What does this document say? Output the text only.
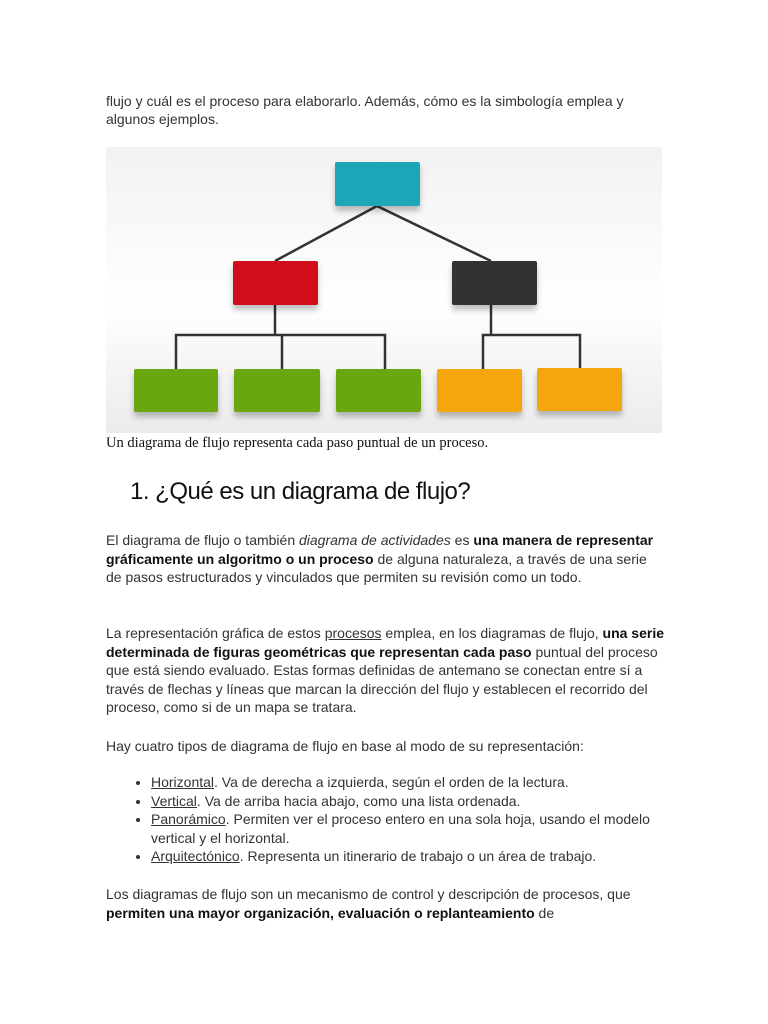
flujo y cuál es el proceso para elaborarlo. Además, cómo es la simbología emplea y
algunos ejemplos.
Un diagrama de flujo representa cada paso puntual de un proceso.
1. ¿Qué es un diagrama de flujo?

El diagrama de flujo o también diagrama de actividades es una manera de representar gráficamente un algoritmo o un proceso de alguna naturaleza, a través de una serie de pasos estructurados y vinculados que permiten su revisión como un todo.

La representación gráfica de estos procesos emplea, en los diagramas de flujo, una serie determinada de figuras geométricas que representan cada paso puntual del proceso que está siendo evaluado. Estas formas definidas de antemano se conectan entre sí a través de flechas y líneas que marcan la dirección del flujo y establecen el recorrido del proceso, como si de un mapa se tratara.

Hay cuatro tipos de diagrama de flujo en base al modo de su representación:

• Horizontal. Va de derecha a izquierda, según el orden de la lectura.
• Vertical. Va de arriba hacia abajo, como una lista ordenada.
• Panorámico. Permiten ver el proceso entero en una sola hoja, usando el modelo vertical y el horizontal.
• Arquitectónico. Representa un itinerario de trabajo o un área de trabajo.

Los diagramas de flujo son un mecanismo de control y descripción de procesos, que permiten una mayor organización, evaluación o replanteamiento de
